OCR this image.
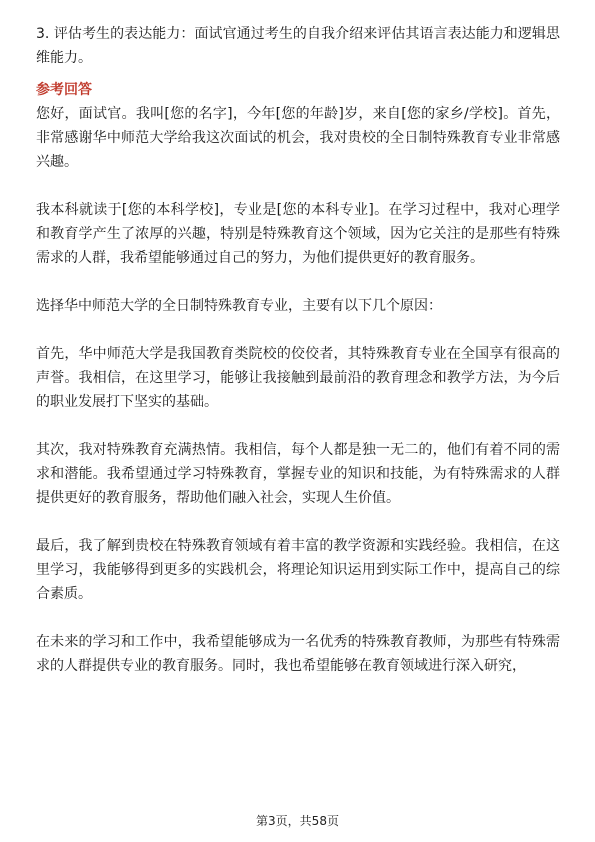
3. 评估考生的表达能力：面试官通过考生的自我介绍来评估其语言表达能力和逻辑思维能力。

参考回答

您好，面试官。我叫[您的名字]，今年[您的年龄]岁，来自[您的家乡/学校]。首先，非常感谢华中师范大学给我这次面试的机会，我对贵校的全日制特殊教育专业非常感兴趣。

我本科就读于[您的本科学校]，专业是[您的本科专业]。在学习过程中，我对心理学和教育学产生了浓厚的兴趣，特别是特殊教育这个领域，因为它关注的是那些有特殊需求的人群，我希望能够通过自己的努力，为他们提供更好的教育服务。

选择华中师范大学的全日制特殊教育专业，主要有以下几个原因：

首先，华中师范大学是我国教育类院校的佼佼者，其特殊教育专业在全国享有很高的声誉。我相信，在这里学习，能够让我接触到最前沿的教育理念和教学方法，为今后的职业发展打下坚实的基础。

其次，我对特殊教育充满热情。我相信，每个人都是独一无二的，他们有着不同的需求和潜能。我希望通过学习特殊教育，掌握专业的知识和技能，为有特殊需求的人群提供更好的教育服务，帮助他们融入社会，实现人生价值。

最后，我了解到贵校在特殊教育领域有着丰富的教学资源和实践经验。我相信，在这里学习，我能够得到更多的实践机会，将理论知识运用到实际工作中，提高自己的综合素质。

在未来的学习和工作中，我希望能够成为一名优秀的特殊教育教师，为那些有特殊需求的人群提供专业的教育服务。同时，我也希望能够在教育领域进行深入研究，

第3页，共58页
